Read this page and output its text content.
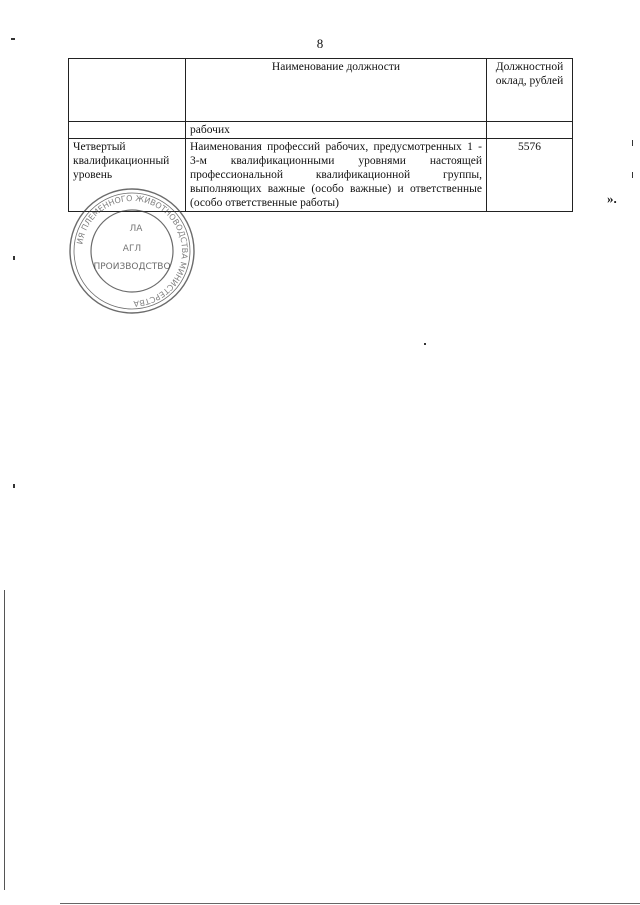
8
	Наименование должности	Должностной оклад, рублей
	рабочих	
Четвертый квалификационный уровень	Наименования профессий рабочих, предусмотренных 1 - 3-м квалификационными уровнями настоящей профессиональной квалификационной группы, выполняющих важные (особо важные) и ответственные (особо ответственные работы)	5576
».
ИЯ ПЛЕМЕННОГО ЖИВОТНОВОДСТВА МИНИСТЕРСТВА
ЛА
АГЛ
ПРОИЗВОДСТВО
